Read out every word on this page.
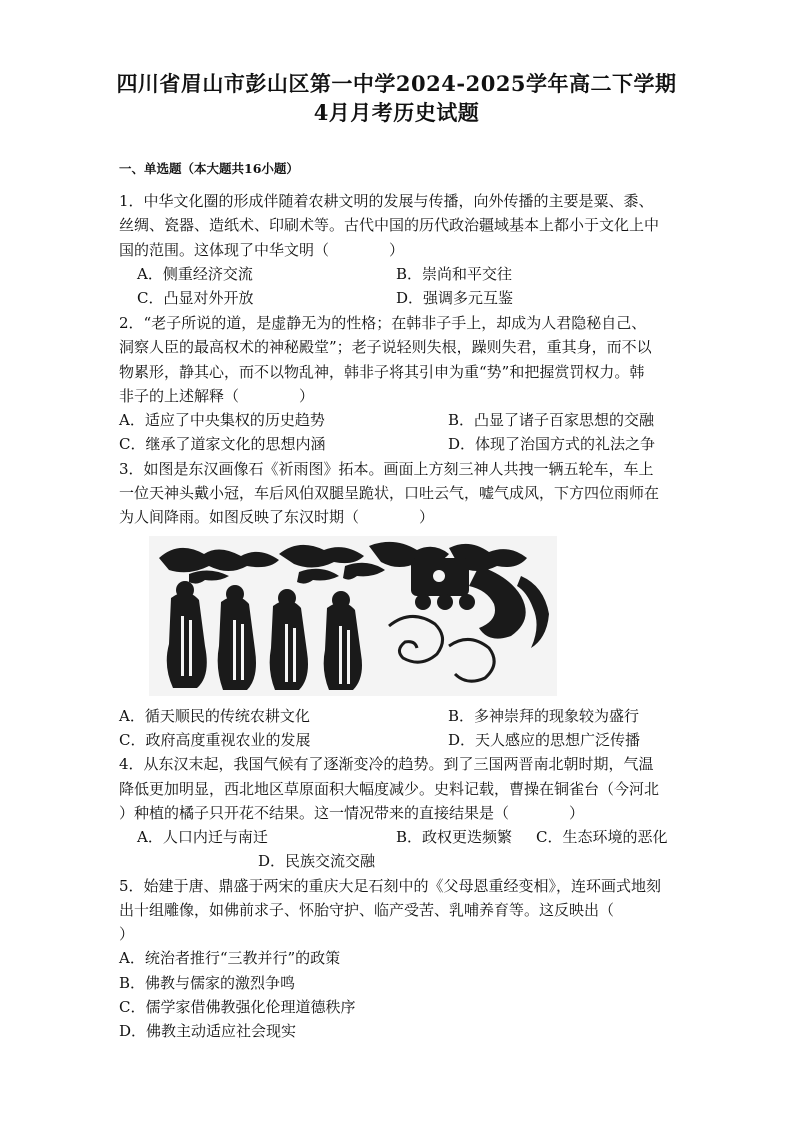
四川省眉山市彭山区第一中学2024-2025学年高二下学期
4月月考历史试题
一、单选题（本大题共16小题）
1．中华文化圈的形成伴随着农耕文明的发展与传播，向外传播的主要是粟、黍、
丝绸、瓷器、造纸术、印刷术等。古代中国的历代政治疆域基本上都小于文化上中
国的范围。这体现了中华文明（　　　　）
A．侧重经济交流	B．崇尚和平交往
C．凸显对外开放	D．强调多元互鉴
2．“老子所说的道，是虚静无为的性格；在韩非子手上，却成为人君隐秘自己、
洞察人臣的最高权术的神秘殿堂”；老子说轻则失根，躁则失君，重其身，而不以
物累形，静其心，而不以物乱神，韩非子将其引申为重“势”和把握赏罚权力。韩
非子的上述解释（　　　　）
A．适应了中央集权的历史趋势	B．凸显了诸子百家思想的交融
C．继承了道家文化的思想内涵	D．体现了治国方式的礼法之争
3．如图是东汉画像石《祈雨图》拓本。画面上方刻三神人共拽一辆五轮车，车上
一位天神头戴小冠，车后风伯双腿呈跪状，口吐云气，嘘气成风，下方四位雨师在
为人间降雨。如图反映了东汉时期（　　　　）
A．循天顺民的传统农耕文化	B．多神崇拜的现象较为盛行
C．政府高度重视农业的发展	D．天人感应的思想广泛传播
4．从东汉末起，我国气候有了逐渐变冷的趋势。到了三国两晋南北朝时期，气温
降低更加明显，西北地区草原面积大幅度减少。史料记载，曹操在铜雀台（今河北
）种植的橘子只开花不结果。这一情况带来的直接结果是（　　　　）
A．人口内迁与南迁	B．政权更迭频繁 C．生态环境的恶化
D．民族交流交融
5．始建于唐、鼎盛于两宋的重庆大足石刻中的《父母恩重经变相》，连环画式地刻
出十组雕像，如佛前求子、怀胎守护、临产受苦、乳哺养育等。这反映出（
）
A．统治者推行“三教并行”的政策
B．佛教与儒家的激烈争鸣
C．儒学家借佛教强化伦理道德秩序
D．佛教主动适应社会现实
